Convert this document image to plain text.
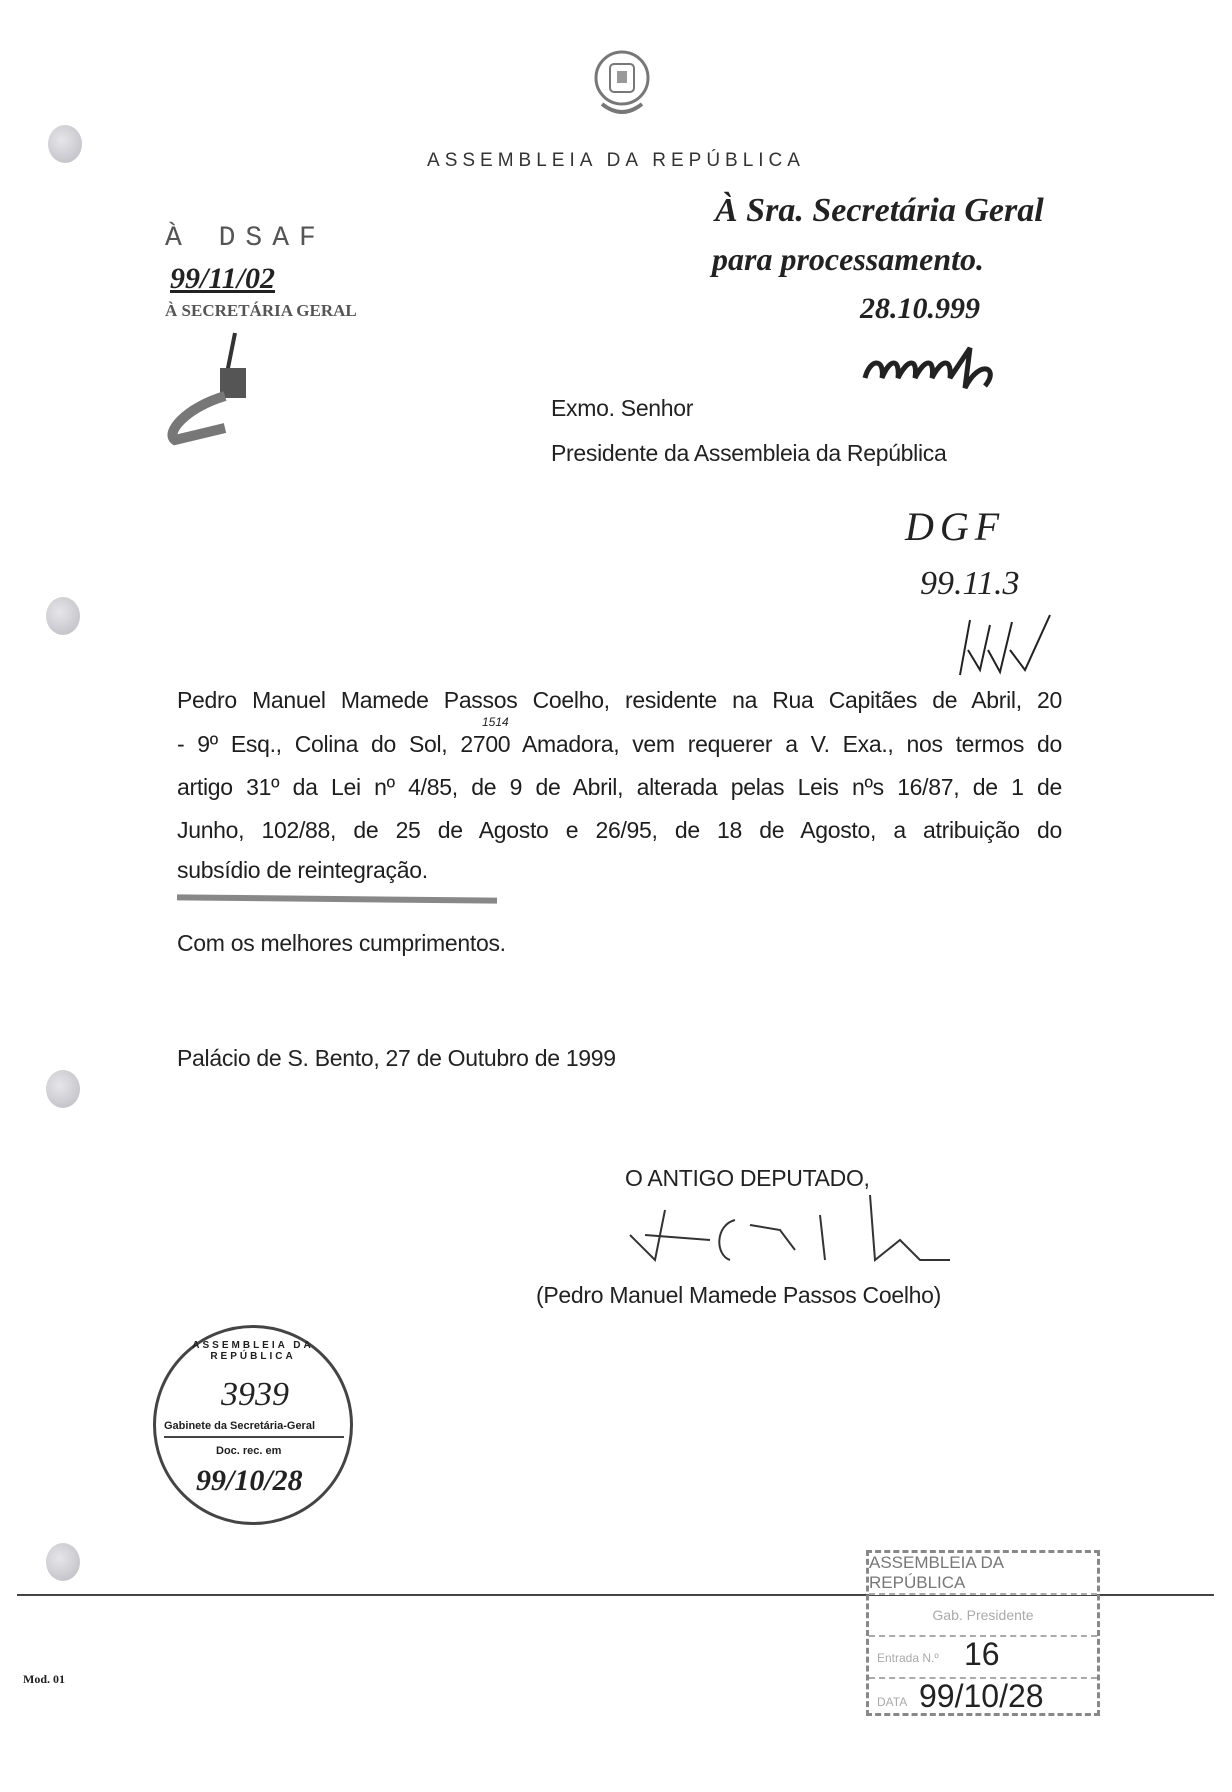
ASSEMBLEIA DA REPÚBLICA
À Sra. Secretária Geral
para processamento.
28.10.999
À DSAF
99/11/02
À SECRETÁRIA GERAL
Exmo. Senhor
Presidente da Assembleia da República
DGF
99.11.3
Pedro Manuel Mamede Passos Coelho, residente na Rua Capitães de Abril, 20
1514
- 9º Esq., Colina do Sol, 2700 Amadora, vem requerer a V. Exa., nos termos do
artigo 31º da Lei nº 4/85, de 9 de Abril, alterada pelas Leis nºs 16/87, de 1 de
Junho, 102/88, de 25 de Agosto e 26/95, de 18 de Agosto, a atribuição do
subsídio de reintegração.
Com os melhores cumprimentos.
Palácio de S. Bento, 27 de Outubro de 1999
O ANTIGO DEPUTADO,
(Pedro Manuel Mamede Passos Coelho)
ASSEMBLEIA DA REPÚBLICA
3939
Gabinete da Secretária-Geral
Doc. rec. em
99/10/28
Mod. 01
ASSEMBLEIA DA REPÚBLICA
Gab. Presidente
Entrada N.º 16
DATA 99/10/28
